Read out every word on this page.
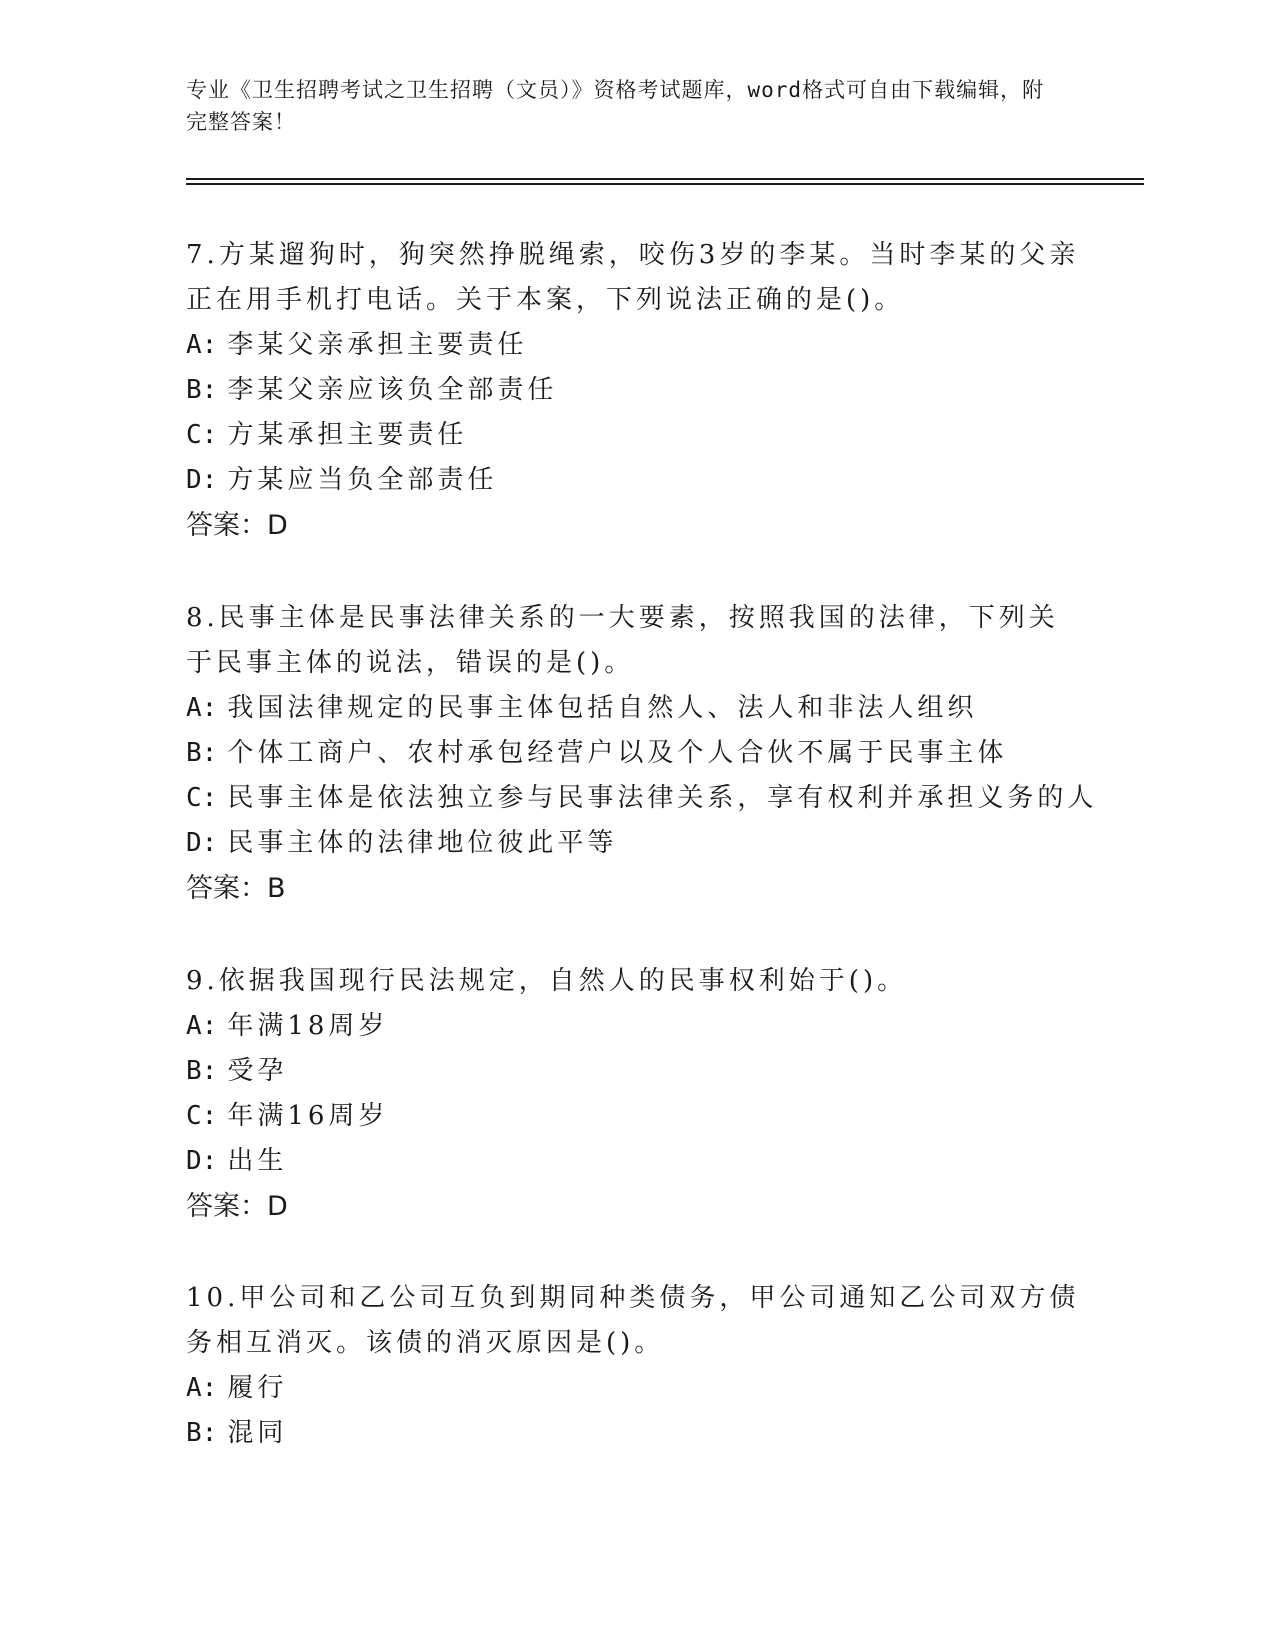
专业《卫生招聘考试之卫生招聘（文员）》资格考试题库，word格式可自由下载编辑，附完整答案！

7.方某遛狗时，狗突然挣脱绳索，咬伤3岁的李某。当时李某的父亲正在用手机打电话。关于本案，下列说法正确的是()。

A: 李某父亲承担主要责任

B: 李某父亲应该负全部责任

C: 方某承担主要责任

D: 方某应当负全部责任

答案：D

8.民事主体是民事法律关系的一大要素，按照我国的法律，下列关于民事主体的说法，错误的是()。

A: 我国法律规定的民事主体包括自然人、法人和非法人组织

B: 个体工商户、农村承包经营户以及个人合伙不属于民事主体

C: 民事主体是依法独立参与民事法律关系，享有权利并承担义务的人

D: 民事主体的法律地位彼此平等

答案：B

9.依据我国现行民法规定，自然人的民事权利始于()。

A: 年满18周岁

B: 受孕

C: 年满16周岁

D: 出生

答案：D

10.甲公司和乙公司互负到期同种类债务，甲公司通知乙公司双方债务相互消灭。该债的消灭原因是()。

A: 履行

B: 混同
